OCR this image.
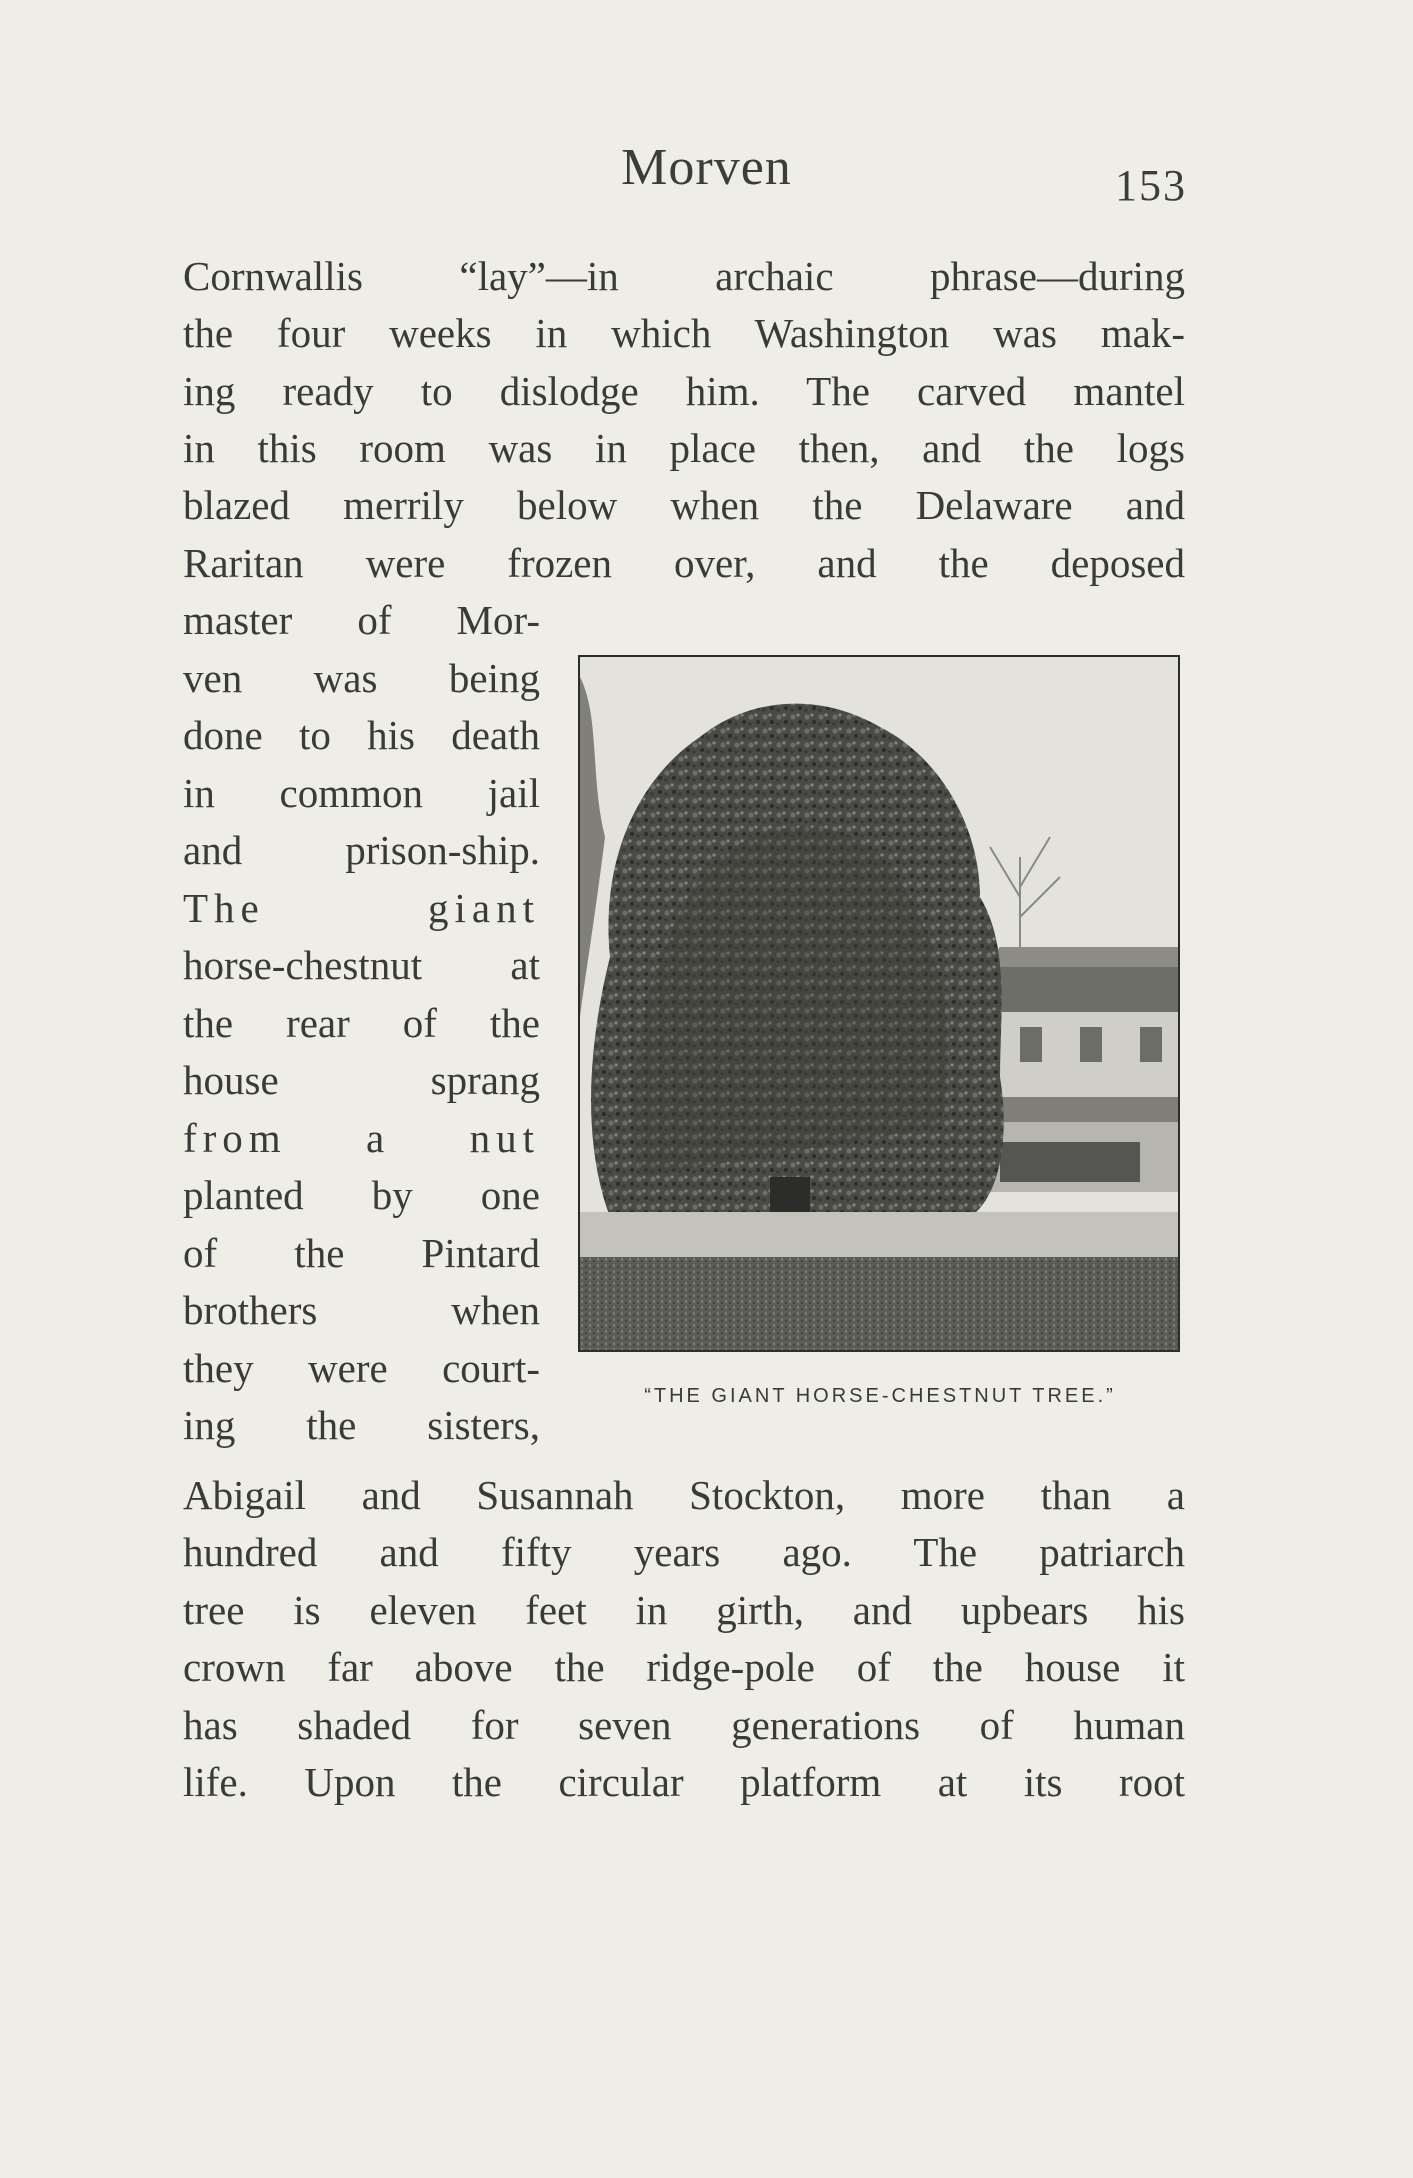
Morven	153
Cornwallis “lay”—in archaic phrase—during
the four weeks in which Washington was mak-
ing ready to dislodge him. The carved mantel
in this room was in place then, and the logs
blazed merrily below when the Delaware and
Raritan were frozen over, and the deposed
master of Mor-
ven was being
done to his death
in common jail
and prison-ship.
The giant
horse-chestnut at
the rear of the
house sprang
from a nut
planted by one
of the Pintard
brothers when
they were court-
ing the sisters,
Abigail and Susannah Stockton, more than a
hundred and fifty years ago. The patriarch
tree is eleven feet in girth, and upbears his
crown far above the ridge-pole of the house it
has shaded for seven generations of human
life. Upon the circular platform at its root
“THE GIANT HORSE-CHESTNUT TREE.”
